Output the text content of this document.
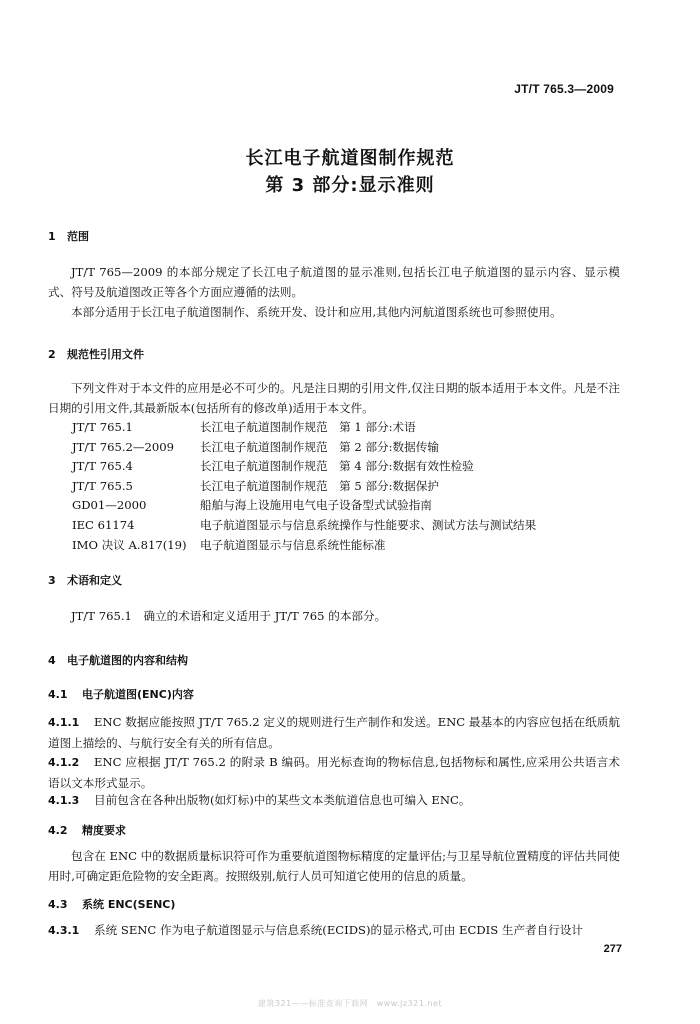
JT/T 765.3—2009
长江电子航道图制作规范
第 3 部分:显示准则
1 范围
JT/T 765—2009 的本部分规定了长江电子航道图的显示准则,包括长江电子航道图的显示内容、显示模式、符号及航道图改正等各个方面应遵循的法则。
本部分适用于长江电子航道图制作、系统开发、设计和应用,其他内河航道图系统也可参照使用。
2 规范性引用文件
下列文件对于本文件的应用是必不可少的。凡是注日期的引用文件,仅注日期的版本适用于本文件。凡是不注日期的引用文件,其最新版本(包括所有的修改单)适用于本文件。
JT/T 765.1	长江电子航道图制作规范　第 1 部分:术语
JT/T 765.2—2009 长江电子航道图制作规范　第 2 部分:数据传输
JT/T 765.4	长江电子航道图制作规范　第 4 部分:数据有效性检验
JT/T 765.5	长江电子航道图制作规范　第 5 部分:数据保护
GD01—2000	船舶与海上设施用电气电子设备型式试验指南
IEC 61174	电子航道图显示与信息系统操作与性能要求、测试方法与测试结果
IMO 决议 A.817(19) 电子航道图显示与信息系统性能标准
3 术语和定义
JT/T 765.1　确立的术语和定义适用于 JT/T 765 的本部分。
4 电子航道图的内容和结构
4.1 电子航道图(ENC)内容
4.1.1 ENC 数据应能按照 JT/T 765.2 定义的规则进行生产制作和发送。ENC 最基本的内容应包括在纸质航道图上描绘的、与航行安全有关的所有信息。
4.1.2 ENC 应根据 JT/T 765.2 的附录 B 编码。用光标查询的物标信息,包括物标和属性,应采用公共语言术语以文本形式显示。
4.1.3 目前包含在各种出版物(如灯标)中的某些文本类航道信息也可编入 ENC。
4.2 精度要求
包含在 ENC 中的数据质量标识符可作为重要航道图物标精度的定量评估;与卫星导航位置精度的评估共同使用时,可确定距危险物的安全距离。按照级别,航行人员可知道它使用的信息的质量。
4.3 系统 ENC(SENC)
4.3.1 系统 SENC 作为电子航道图显示与信息系统(ECIDS)的显示格式,可由 ECDIS 生产者自行设计
277
建筑321——标准查询下载网　www.jz321.net
